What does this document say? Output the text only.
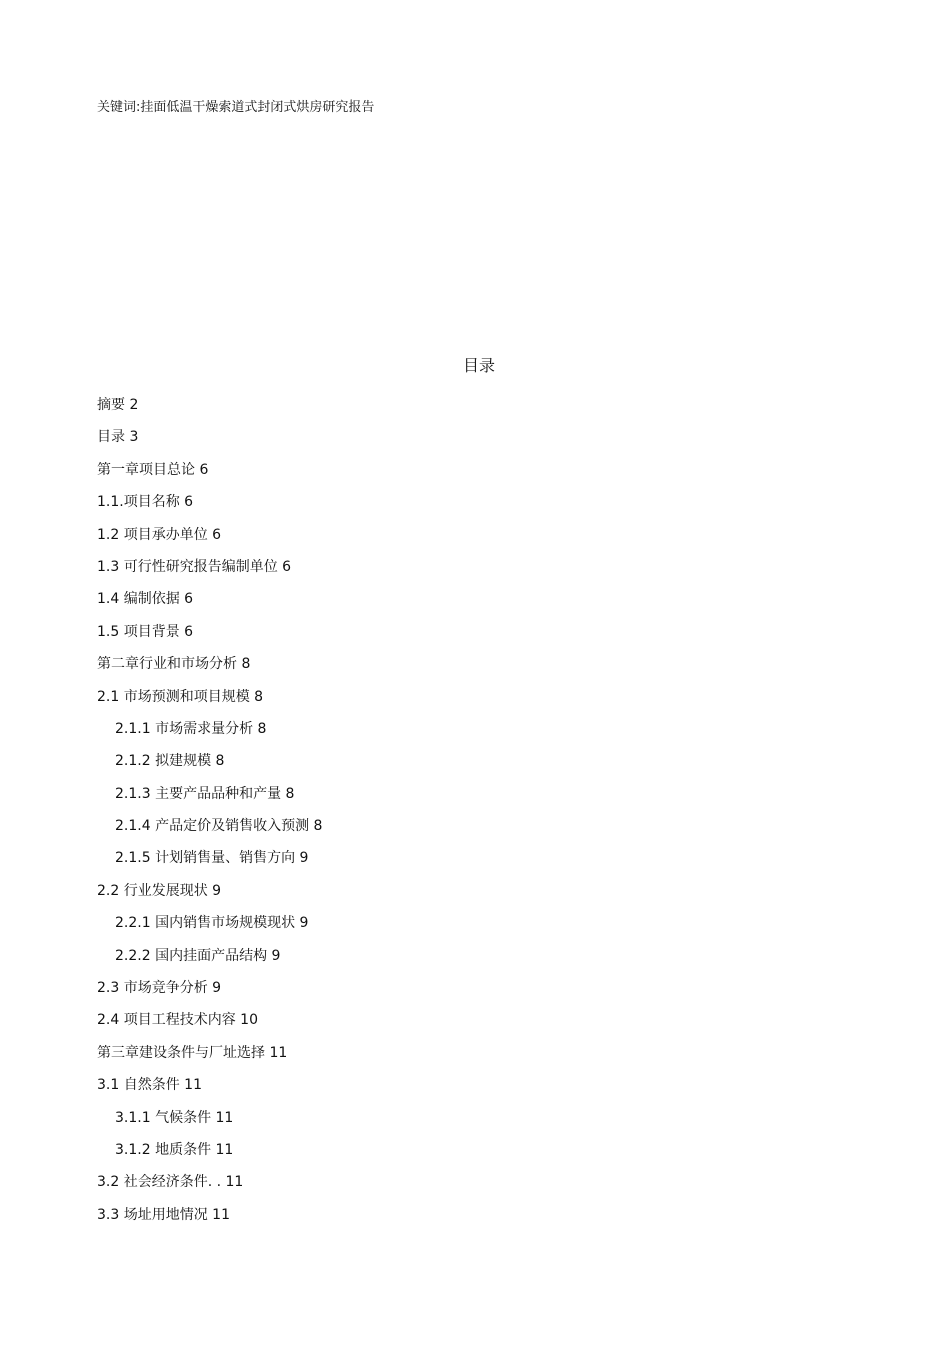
关键词:挂面低温干燥索道式封闭式烘房研究报告
目录
摘要 2
目录 3
第一章项目总论 6
1.1.项目名称 6
1.2 项目承办单位 6
1.3 可行性研究报告编制单位 6
1.4 编制依据 6
1.5 项目背景 6
第二章行业和市场分析 8
2.1 市场预测和项目规模 8
2.1.1 市场需求量分析 8
2.1.2 拟建规模 8
2.1.3 主要产品品种和产量 8
2.1.4 产品定价及销售收入预测 8
2.1.5 计划销售量、销售方向 9
2.2 行业发展现状 9
2.2.1 国内销售市场规模现状 9
2.2.2 国内挂面产品结构 9
2.3 市场竞争分析 9
2.4 项目工程技术内容 10
第三章建设条件与厂址选择 11
3.1 自然条件 11
3.1.1 气候条件 11
3.1.2 地质条件 11
3.2 社会经济条件. . 11
3.3 场址用地情况 11
